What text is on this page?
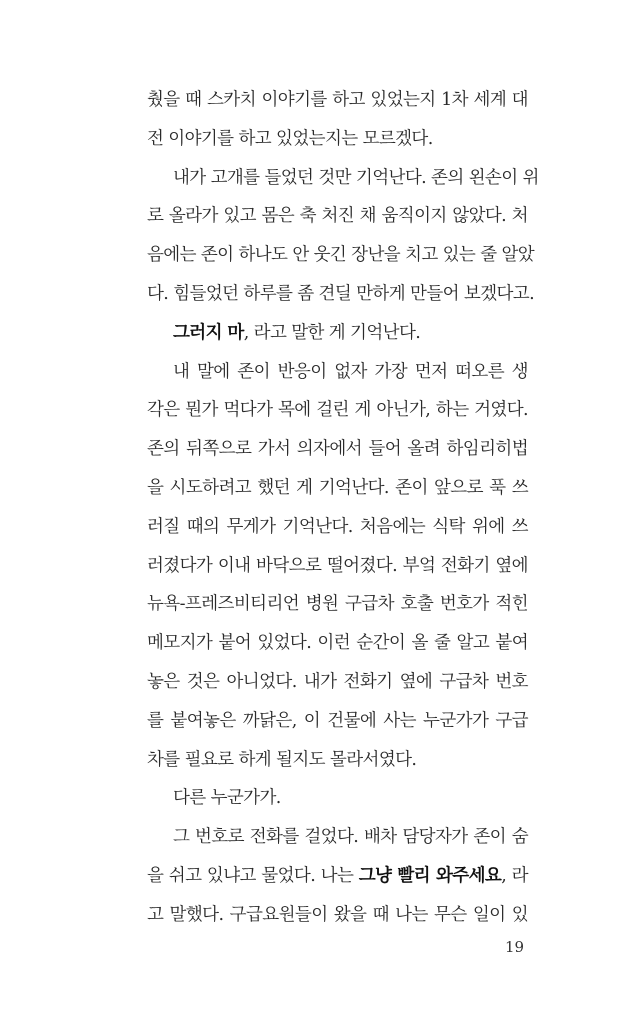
췄을 때 스카치 이야기를 하고 있었는지 1차 세계 대
전 이야기를 하고 있었는지는 모르겠다.
내가 고개를 들었던 것만 기억난다. 존의 왼손이 위
로 올라가 있고 몸은 축 처진 채 움직이지 않았다. 처
음에는 존이 하나도 안 웃긴 장난을 치고 있는 줄 알았
다. 힘들었던 하루를 좀 견딜 만하게 만들어 보겠다고.
그러지 마, 라고 말한 게 기억난다.
내 말에 존이 반응이 없자 가장 먼저 떠오른 생
각은 뭔가 먹다가 목에 걸린 게 아닌가, 하는 거였다.
존의 뒤쪽으로 가서 의자에서 들어 올려 하임리히법
을 시도하려고 했던 게 기억난다. 존이 앞으로 푹 쓰
러질 때의 무게가 기억난다. 처음에는 식탁 위에 쓰
러졌다가 이내 바닥으로 떨어졌다. 부엌 전화기 옆에
뉴욕-프레즈비티리언 병원 구급차 호출 번호가 적힌
메모지가 붙어 있었다. 이런 순간이 올 줄 알고 붙여
놓은 것은 아니었다. 내가 전화기 옆에 구급차 번호
를 붙여놓은 까닭은, 이 건물에 사는 누군가가 구급
차를 필요로 하게 될지도 몰라서였다.
다른 누군가가.
그 번호로 전화를 걸었다. 배차 담당자가 존이 숨
을 쉬고 있냐고 물었다. 나는 그냥 빨리 와주세요, 라
고 말했다. 구급요원들이 왔을 때 나는 무슨 일이 있
19
